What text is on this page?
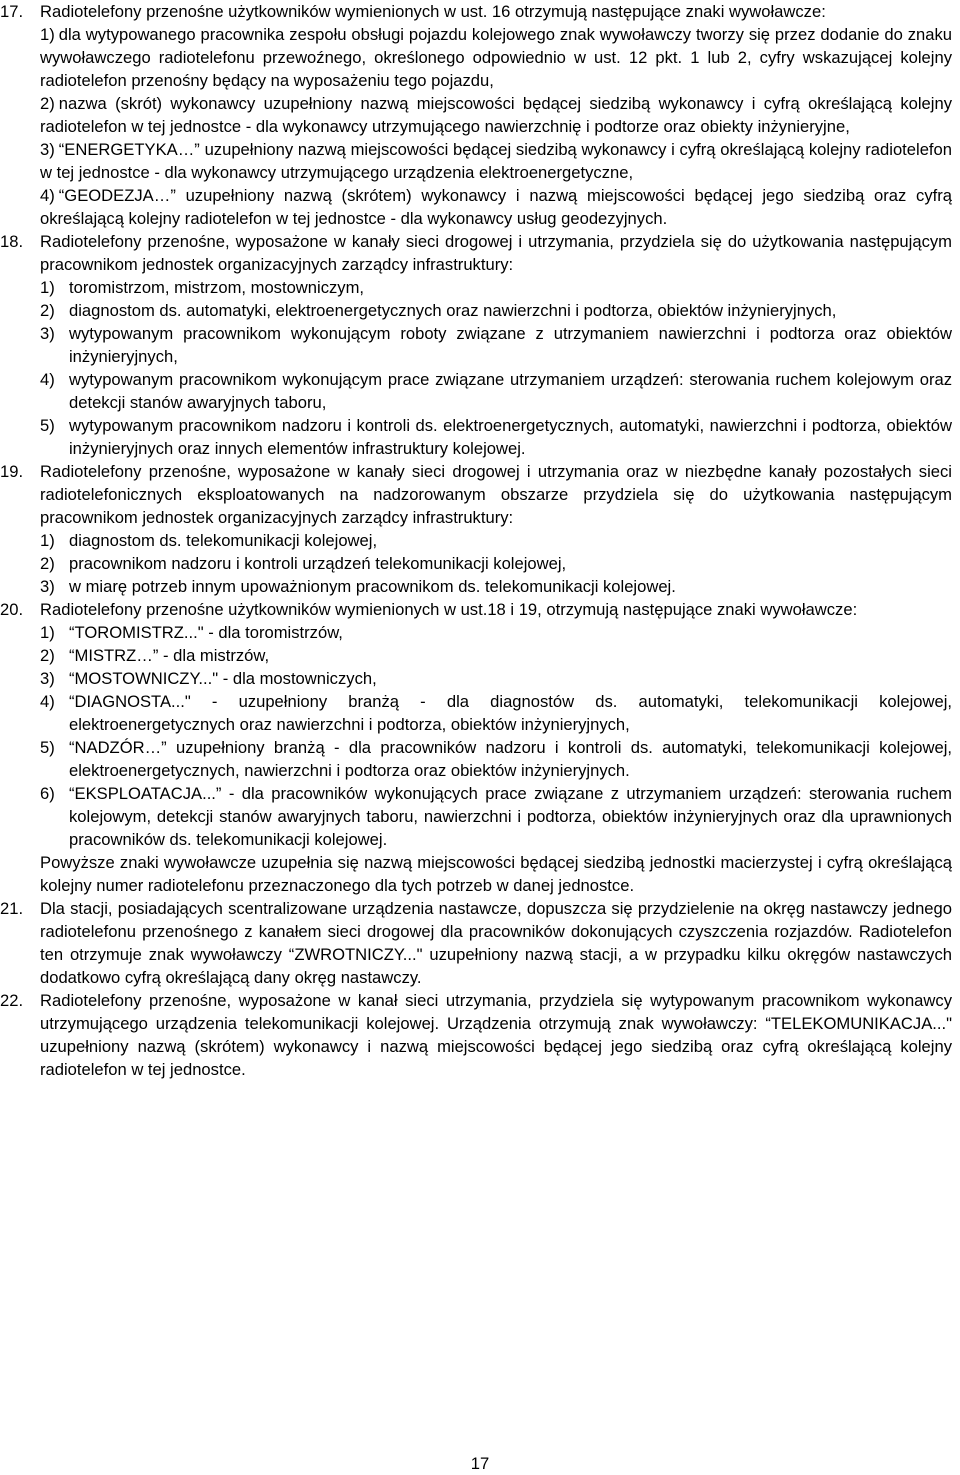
17.	Radiotelefony przenośne użytkowników wymienionych w ust. 16 otrzymują następujące znaki wywoławcze:
1) dla wytypowanego pracownika zespołu obsługi pojazdu kolejowego znak wywoławczy tworzy się przez dodanie do znaku wywoławczego radiotelefonu przewoźnego, określonego odpowiednio w ust. 12 pkt. 1 lub 2, cyfry wskazującej kolejny radiotelefon przenośny będący na wyposażeniu tego pojazdu,
2) nazwa (skrót) wykonawcy uzupełniony nazwą miejscowości będącej siedzibą wykonawcy i cyfrą określającą kolejny radiotelefon w tej jednostce - dla wykonawcy utrzymującego nawierzchnię i podtorze oraz obiekty inżynieryjne,
3) “ENERGETYKA…” uzupełniony nazwą miejscowości będącej siedzibą wykonawcy i cyfrą określającą kolejny radiotelefon w tej jednostce - dla wykonawcy utrzymującego urządzenia elektroenergetyczne,
4) “GEODEZJA…” uzupełniony nazwą (skrótem) wykonawcy i nazwą miejscowości będącej jego siedzibą oraz cyfrą określającą kolejny radiotelefon w tej jednostce - dla wykonawcy usług geodezyjnych.
18.	Radiotelefony przenośne, wyposażone w kanały sieci drogowej i utrzymania, przydziela się do użytkowania następującym pracownikom jednostek organizacyjnych zarządcy infrastruktury:
1) toromistrzom, mistrzom, mostowniczym,
2) diagnostom ds. automatyki, elektroenergetycznych oraz nawierzchni i podtorza, obiektów inżynieryjnych,
3) wytypowanym pracownikom wykonującym roboty związane z utrzymaniem nawierzchni i podtorza oraz obiektów inżynieryjnych,
4) wytypowanym pracownikom wykonującym prace związane utrzymaniem urządzeń: sterowania ruchem kolejowym oraz detekcji stanów awaryjnych taboru,
5) wytypowanym pracownikom nadzoru i kontroli ds. elektroenergetycznych, automatyki, nawierzchni i podtorza, obiektów inżynieryjnych oraz innych elementów infrastruktury kolejowej.
19.	Radiotelefony przenośne, wyposażone w kanały sieci drogowej i utrzymania oraz w niezbędne kanały pozostałych sieci radiotelefonicznych eksploatowanych na nadzorowanym obszarze przydziela się do użytkowania następującym pracownikom jednostek organizacyjnych zarządcy infrastruktury:
1) diagnostom ds. telekomunikacji kolejowej,
2) pracownikom nadzoru i kontroli urządzeń telekomunikacji kolejowej,
3) w miarę potrzeb innym upoważnionym pracownikom ds. telekomunikacji kolejowej.
20.	Radiotelefony przenośne użytkowników wymienionych w ust.18 i 19, otrzymują następujące znaki wywoławcze:
1) “TOROMISTRZ..." - dla toromistrzów,
2) “MISTRZ…” - dla mistrzów,
3) “MOSTOWNICZY..." - dla mostowniczych,
4) “DIAGNOSTA..." - uzupełniony branżą - dla diagnostów ds. automatyki, telekomunikacji kolejowej, elektroenergetycznych oraz nawierzchni i podtorza, obiektów inżynieryjnych,
5) “NADZÓR…” uzupełniony branżą - dla pracowników nadzoru i kontroli ds. automatyki, telekomunikacji kolejowej, elektroenergetycznych, nawierzchni i podtorza oraz obiektów inżynieryjnych.
6) “EKSPLOATACJA...” - dla pracowników wykonujących prace związane z utrzymaniem urządzeń: sterowania ruchem kolejowym, detekcji stanów awaryjnych taboru, nawierzchni i podtorza, obiektów inżynieryjnych oraz dla uprawnionych pracowników ds. telekomunikacji kolejowej.
Powyższe znaki wywoławcze uzupełnia się nazwą miejscowości będącej siedzibą jednostki macierzystej i cyfrą określającą kolejny numer radiotelefonu przeznaczonego dla tych potrzeb w danej jednostce.
21.	Dla stacji, posiadających scentralizowane urządzenia nastawcze, dopuszcza się przydzielenie na okręg nastawczy jednego radiotelefonu przenośnego z kanałem sieci drogowej dla pracowników dokonujących czyszczenia rozjazdów. Radiotelefon ten otrzymuje znak wywoławczy “ZWROTNICZY..." uzupełniony nazwą stacji, a w przypadku kilku okręgów nastawczych dodatkowo cyfrą określającą dany okręg nastawczy.
22.	Radiotelefony przenośne, wyposażone w kanał sieci utrzymania, przydziela się wytypowanym pracownikom wykonawcy utrzymującego urządzenia telekomunikacji kolejowej. Urządzenia otrzymują znak wywoławczy: “TELEKOMUNIKACJA..." uzupełniony nazwą (skrótem) wykonawcy i nazwą miejscowości będącej jego siedzibą oraz cyfrą określającą kolejny radiotelefon w tej jednostce.
17
